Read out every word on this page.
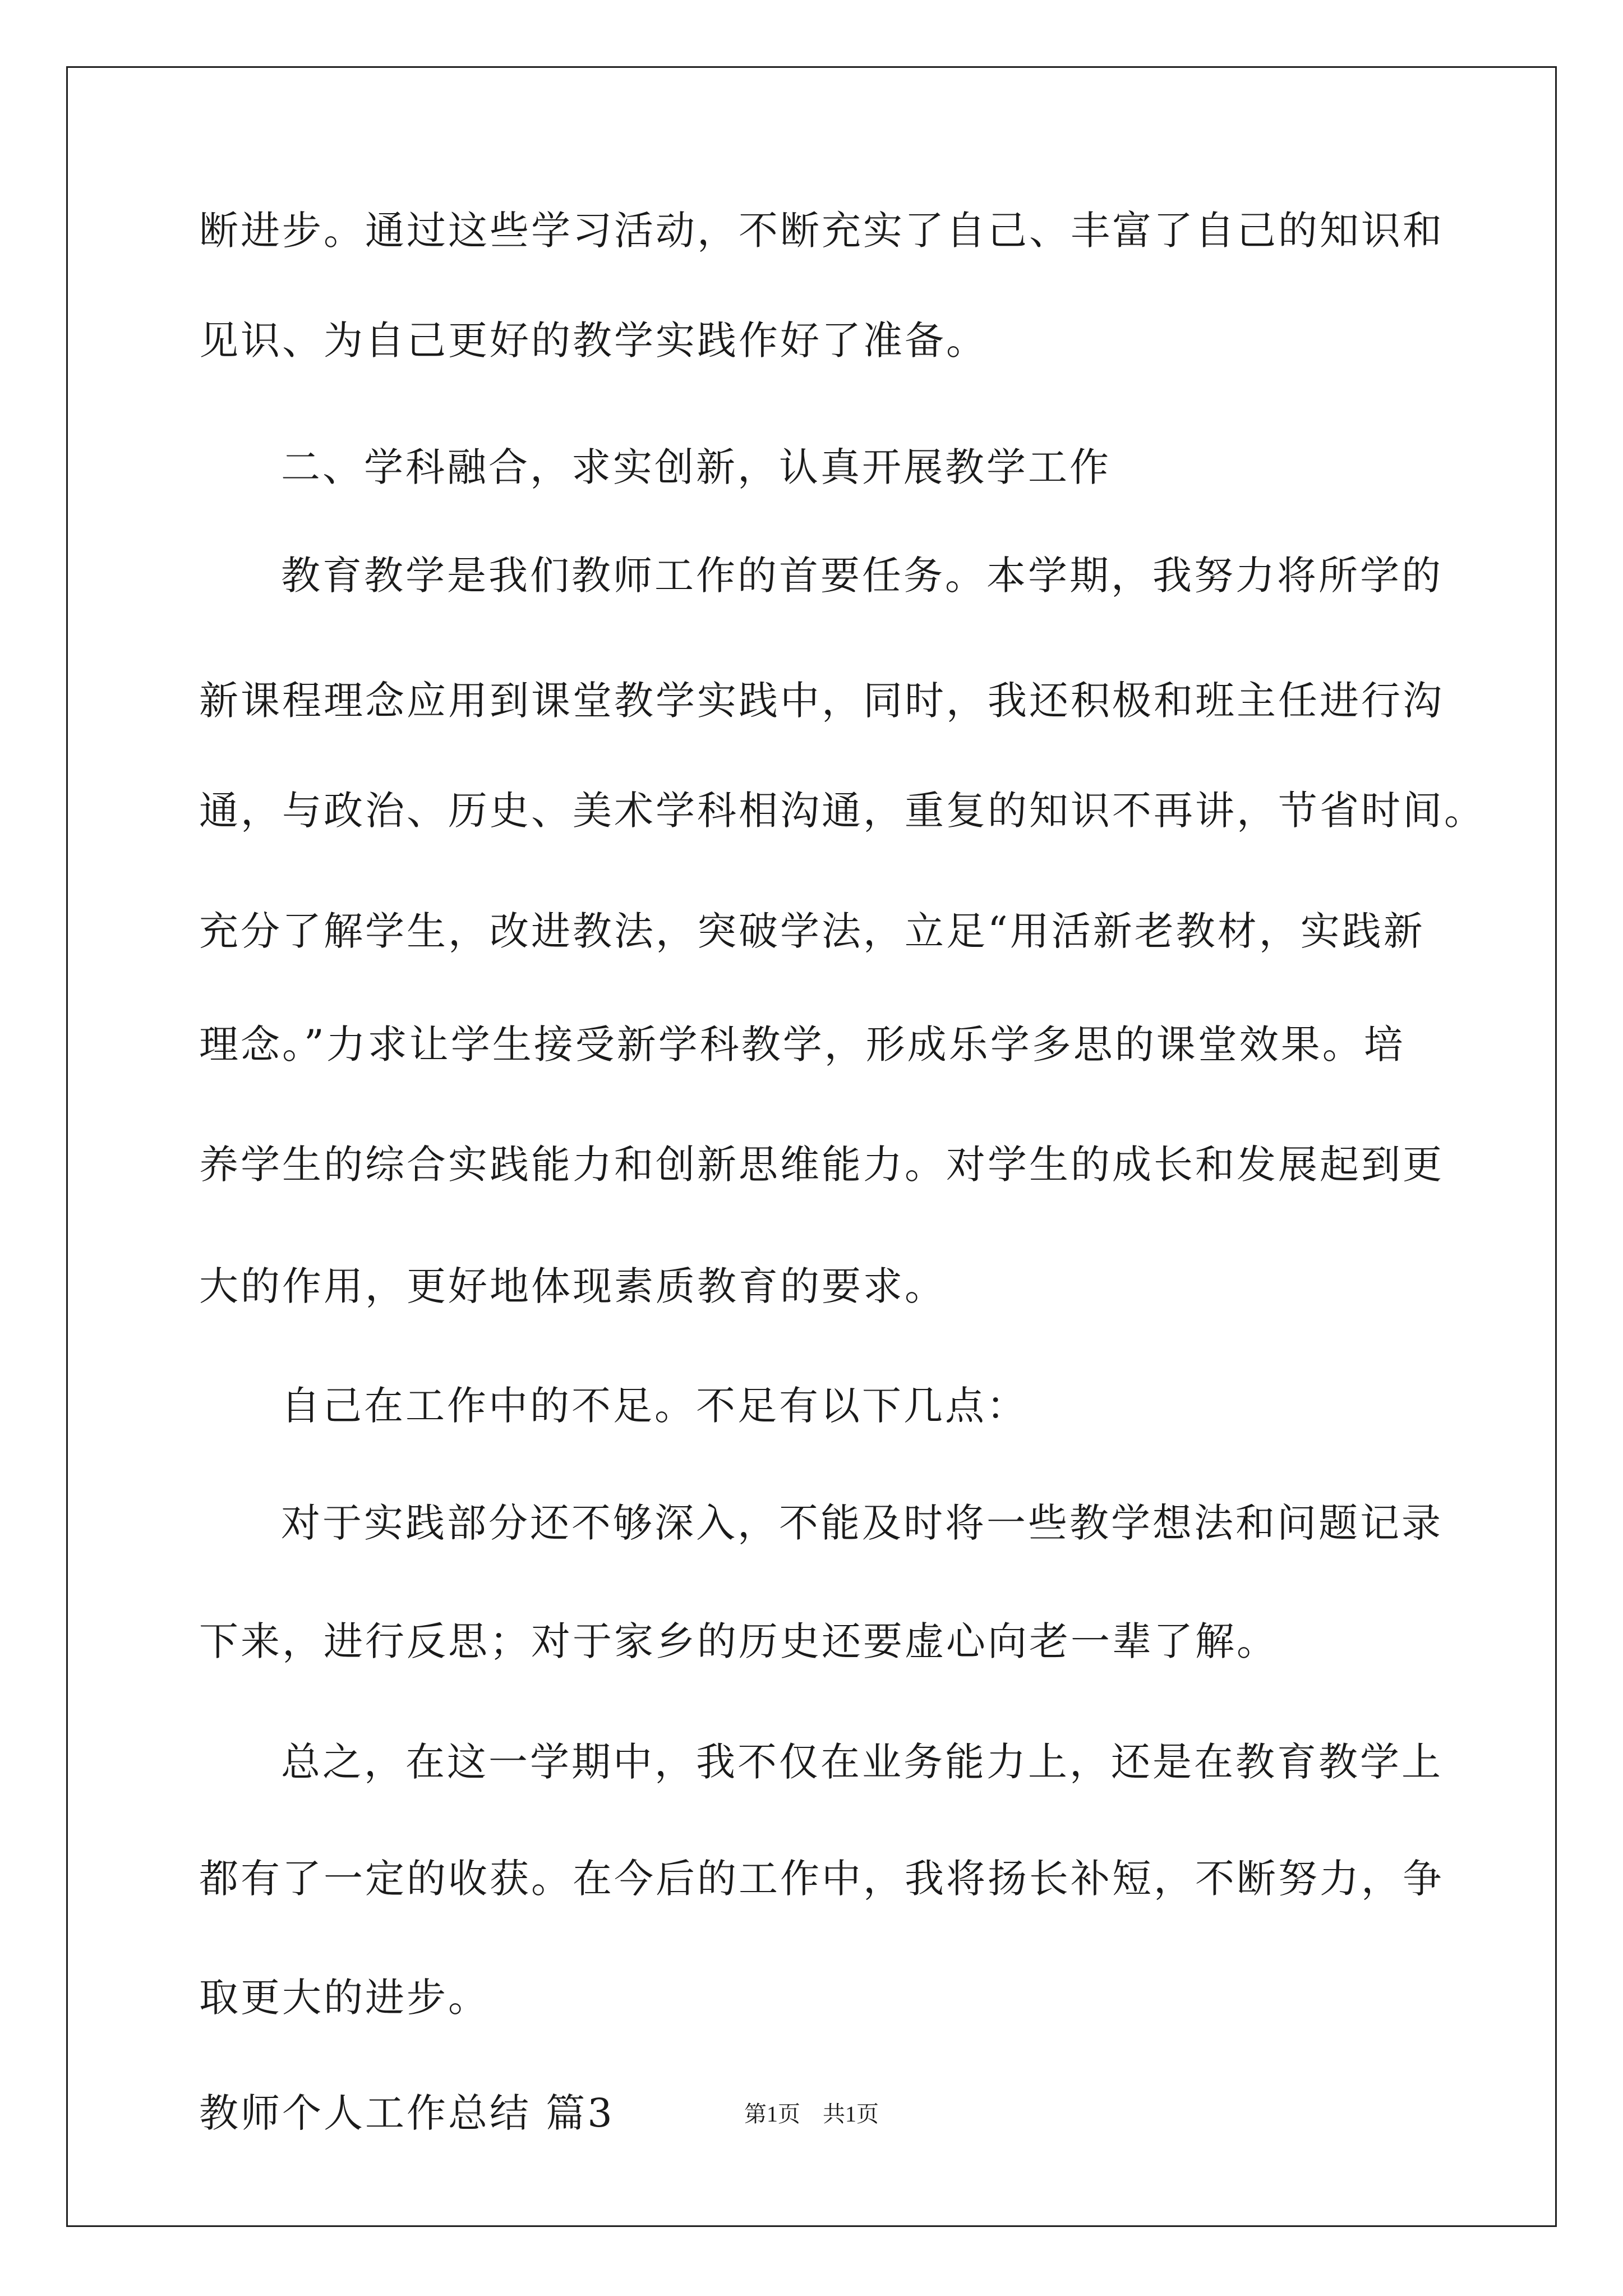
断进步。通过这些学习活动，不断充实了自己、丰富了自己的知识和
见识、为自己更好的教学实践作好了准备。
二、学科融合，求实创新，认真开展教学工作
教育教学是我们教师工作的首要任务。本学期，我努力将所学的
新课程理念应用到课堂教学实践中，同时，我还积极和班主任进行沟
通，与政治、历史、美术学科相沟通，重复的知识不再讲，节省时间。
充分了解学生，改进教法，突破学法，立足“用活新老教材，实践新
理念。”力求让学生接受新学科教学，形成乐学多思的课堂效果。培
养学生的综合实践能力和创新思维能力。对学生的成长和发展起到更
大的作用，更好地体现素质教育的要求。
自己在工作中的不足。不足有以下几点：
对于实践部分还不够深入，不能及时将一些教学想法和问题记录
下来，进行反思；对于家乡的历史还要虚心向老一辈了解。
总之，在这一学期中，我不仅在业务能力上，还是在教育教学上
都有了一定的收获。在今后的工作中，我将扬长补短，不断努力，争
取更大的进步。
教师个人工作总结 篇3	第1页　共1页
